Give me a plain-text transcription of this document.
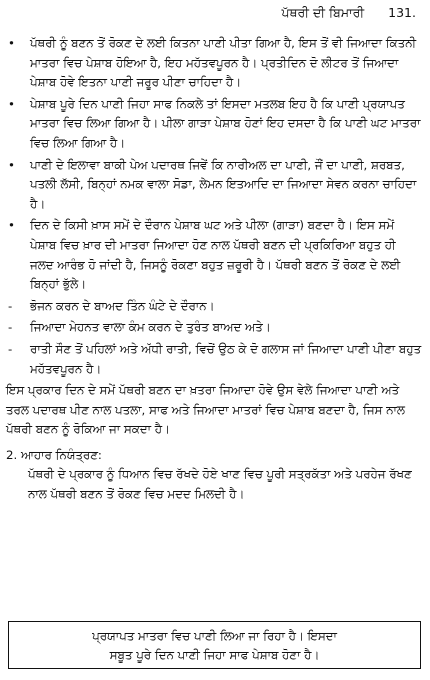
ਪੱਥਰੀ ਦੀ ਬਿਮਾਰੀ 131.
•	ਪੱਥਰੀ ਨੂੰ ਬਣਨ ਤੋਂ ਰੋਕਣ ਦੇ ਲਈ ਕਿਤਨਾ ਪਾਣੀ ਪੀਤਾ ਗਿਆ ਹੈ, ਇਸ ਤੋਂ ਵੀ ਜਿਆਦਾ ਕਿਤਨੀ ਮਾਤਰਾ ਵਿਚ ਪੇਸ਼ਾਬ ਹੋਇਆ ਹੈ, ਇਹ ਮਹੱਤਵਪੂਰਨ ਹੈ। ਪ੍ਰਤੀਦਿਨ ਦੋ ਲੀਟਰ ਤੋਂ ਜਿਆਦਾ ਪੇਸ਼ਾਬ ਹੋਵੇ ਇਤਨਾ ਪਾਣੀ ਜਰੂਰ ਪੀਣਾ ਚਾਹਿਦਾ ਹੈ।
•	ਪੇਸ਼ਾਬ ਪੂਰੇ ਦਿਨ ਪਾਣੀ ਜਿਹਾ ਸਾਫ ਨਿਕਲੇ ਤਾਂ ਇਸਦਾ ਮਤਲਬ ਇਹ ਹੈ ਕਿ ਪਾਣੀ ਪ੍ਰਯਾਪਤ ਮਾਤਰਾ ਵਿਚ ਲਿਆ ਗਿਆ ਹੈ। ਪੀਲਾ ਗਾੜਾ ਪੇਸ਼ਾਬ ਹੋਣਾਂ ਇਹ ਦਸਦਾ ਹੈ ਕਿ ਪਾਣੀ ਘਟ ਮਾਤਰਾ ਵਿਚ ਲਿਆ ਗਿਆ ਹੈ।
•	ਪਾਣੀ ਦੇ ਇਲਾਵਾ ਬਾਕੀ ਪੇਅ ਪਦਾਰਥ ਜਿਵੇਂ ਕਿ ਨਾਰੀਅਲ ਦਾ ਪਾਣੀ, ਜੌਂ ਦਾ ਪਾਣੀ, ਸ਼ਰਬਤ, ਪਤਲੀ ਲੱਸੀ, ਬਿਨ੍ਹਾਂ ਨਮਕ ਵਾਲਾ ਸੋਡਾ, ਲੇਮਨ ਇਤਆਦਿ ਦਾ ਜਿਆਦਾ ਸੇਵਨ ਕਰਨਾ ਚਾਹਿਦਾ ਹੈ।
•	ਦਿਨ ਦੇ ਕਿਸੀ ਖ਼ਾਸ ਸਮੇਂ ਦੇ ਦੌਰਾਨ ਪੇਸ਼ਾਬ ਘਟ ਅਤੇ ਪੀਲਾ (ਗਾੜਾ) ਬਣਦਾ ਹੈ। ਇਸ ਸਮੇਂ ਪੇਸ਼ਾਬ ਵਿਚ ਖ਼ਾਰ ਦੀ ਮਾਤਰਾ ਜਿਆਦਾ ਹੋਣ ਨਾਲ ਪੱਥਰੀ ਬਣਨ ਦੀ ਪ੍ਰਕਿਰਿਆ ਬਹੁਤ ਹੀ ਜਲਦ ਆਰੰਭ ਹੋ ਜਾਂਦੀ ਹੈ, ਜਿਸਨੂੰ ਰੋਕਣਾ ਬਹੁਤ ਜ਼ਰੂਰੀ ਹੈ। ਪੱਥਰੀ ਬਣਨ ਤੋਂ ਰੋਕਣ ਦੇ ਲਈ ਬਿਨ੍ਹਾਂ ਭੁੱਲੇ।
-	ਭੋਜਨ ਕਰਨ ਦੇ ਬਾਅਦ ਤਿੰਨ ਘੰਟੇ ਦੇ ਦੌਰਾਨ।
-	ਜਿਆਦਾ ਮੇਹਨਤ ਵਾਲਾ ਕੰਮ ਕਰਨ ਦੇ ਤੁਰੰਤ ਬਾਅਦ ਅਤੇ।
-	ਰਾਤੀ ਸੌਣ ਤੋਂ ਪਹਿਲਾਂ ਅਤੇ ਅੱਧੀ ਰਾਤੀ, ਵਿਚੋਂ ਉਠ ਕੇ ਦੋ ਗਲਾਸ ਜਾਂ ਜਿਆਦਾ ਪਾਣੀ ਪੀਣਾ ਬਹੁਤ ਮਹੱਤਵਪੂਰਨ ਹੈ।
ਇਸ ਪ੍ਰਕਾਰ ਦਿਨ ਦੇ ਸਮੇਂ ਪੱਥਰੀ ਬਣਨ ਦਾ ਖ਼ਤਰਾ ਜਿਆਦਾ ਹੋਵੇ ਉਸ ਵੇਲੇ ਜਿਆਦਾ ਪਾਣੀ ਅਤੇ ਤਰਲ ਪਦਾਰਥ ਪੀਣ ਨਾਲ ਪਤਲਾ, ਸਾਫ ਅਤੇ ਜਿਆਦਾ ਮਾਤਰਾਂ ਵਿਚ ਪੇਸ਼ਾਬ ਬਣਦਾ ਹੈ, ਜਿਸ ਨਾਲ ਪੱਥਰੀ ਬਣਨ ਨੂੰ ਰੋਕਿਆ ਜਾ ਸਕਦਾ ਹੈ।
2. ਆਹਾਰ ਨਿਯੰਤ੍ਰਣ:
ਪੱਥਰੀ ਦੇ ਪ੍ਰਕਾਰ ਨੂੰ ਧਿਆਨ ਵਿਚ ਰੱਖਦੇ ਹੋਏ ਖਾਣ ਵਿਚ ਪੂਰੀ ਸਤ੍ਰਕੱਤਾ ਅਤੇ ਪਰਹੇਜ ਰੱਖਣ ਨਾਲ ਪੱਥਰੀ ਬਣਨ ਤੋਂ ਰੋਕਣ ਵਿਚ ਮਦਦ ਮਿਲਦੀ ਹੈ।
ਪ੍ਰਯਾਪਤ ਮਾਤਰਾ ਵਿਚ ਪਾਣੀ ਲਿਆ ਜਾ ਰਿਹਾ ਹੈ। ਇਸਦਾ
ਸਬੂਤ ਪੂਰੇ ਦਿਨ ਪਾਣੀ ਜਿਹਾ ਸਾਫ ਪੇਸ਼ਾਬ ਹੋਣਾ ਹੈ।
